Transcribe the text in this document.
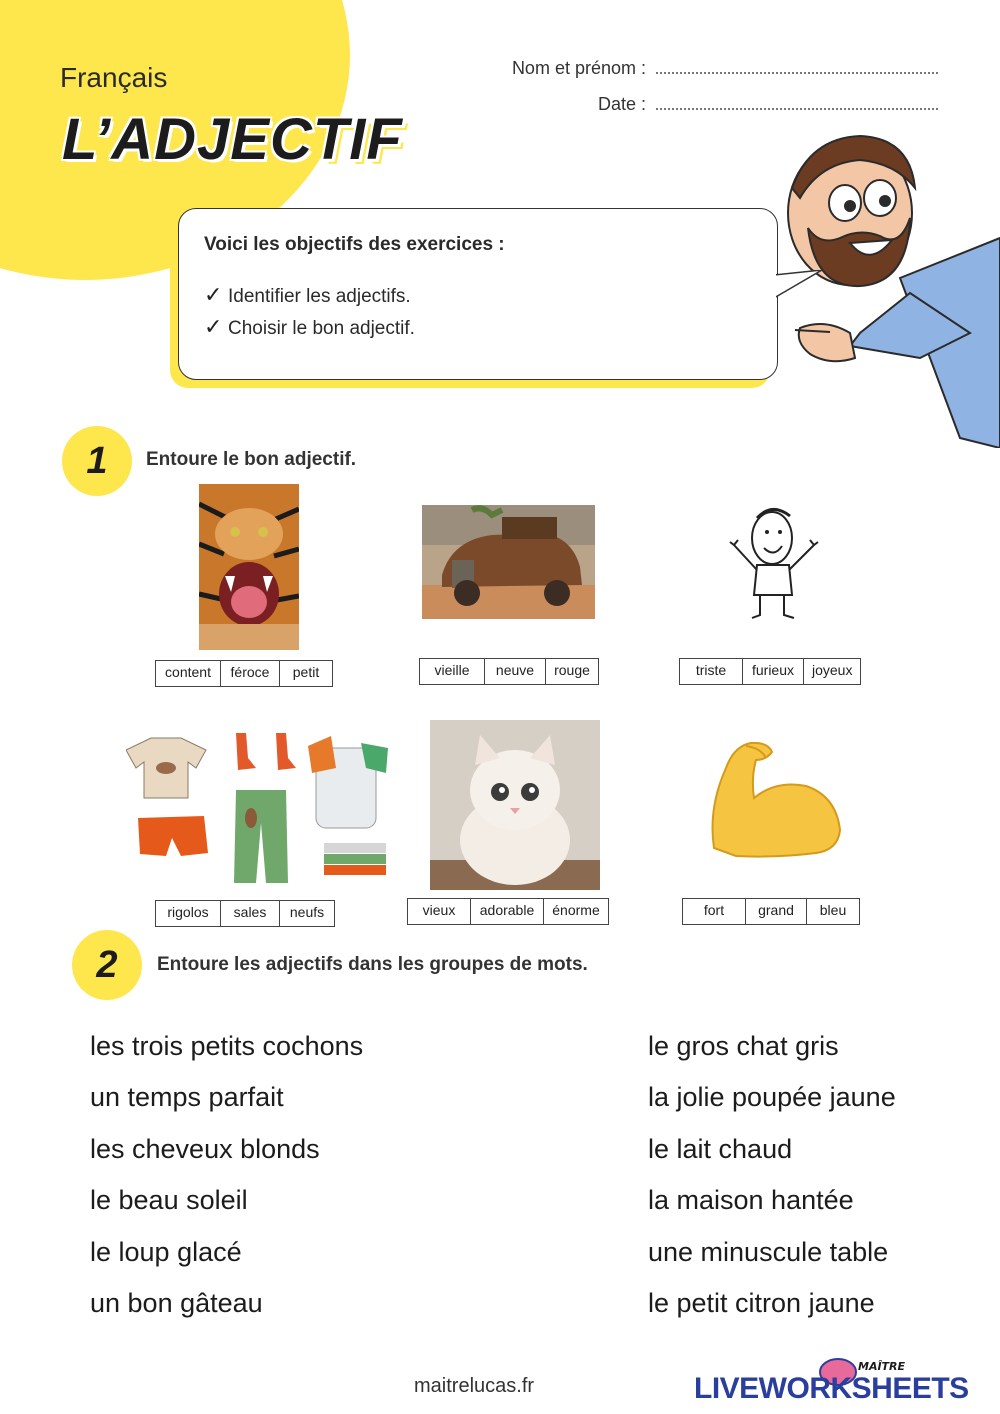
Français
L’ADJECTIF
Nom et prénom :
Date :
Voici les objectifs des exercices :
✓ Identifier les adjectifs.
✓ Choisir le bon adjectif.
1	Entoure le bon adjectif.
content	féroce	petit	vieille	neuve	rouge	triste	furieux	joyeux
rigolos	sales	neufs	vieux	adorable	énorme	fort	grand	bleu
2	Entoure les adjectifs dans les groupes de mots.
les trois petits cochons
un temps parfait
les cheveux blonds
le beau soleil
le loup glacé
un bon gâteau
le gros chat gris
la jolie poupée jaune
le lait chaud
la maison hantée
une minuscule table
le petit citron jaune
maitrelucas.fr
MAÎTRE
LIVEWORKSHEETS
